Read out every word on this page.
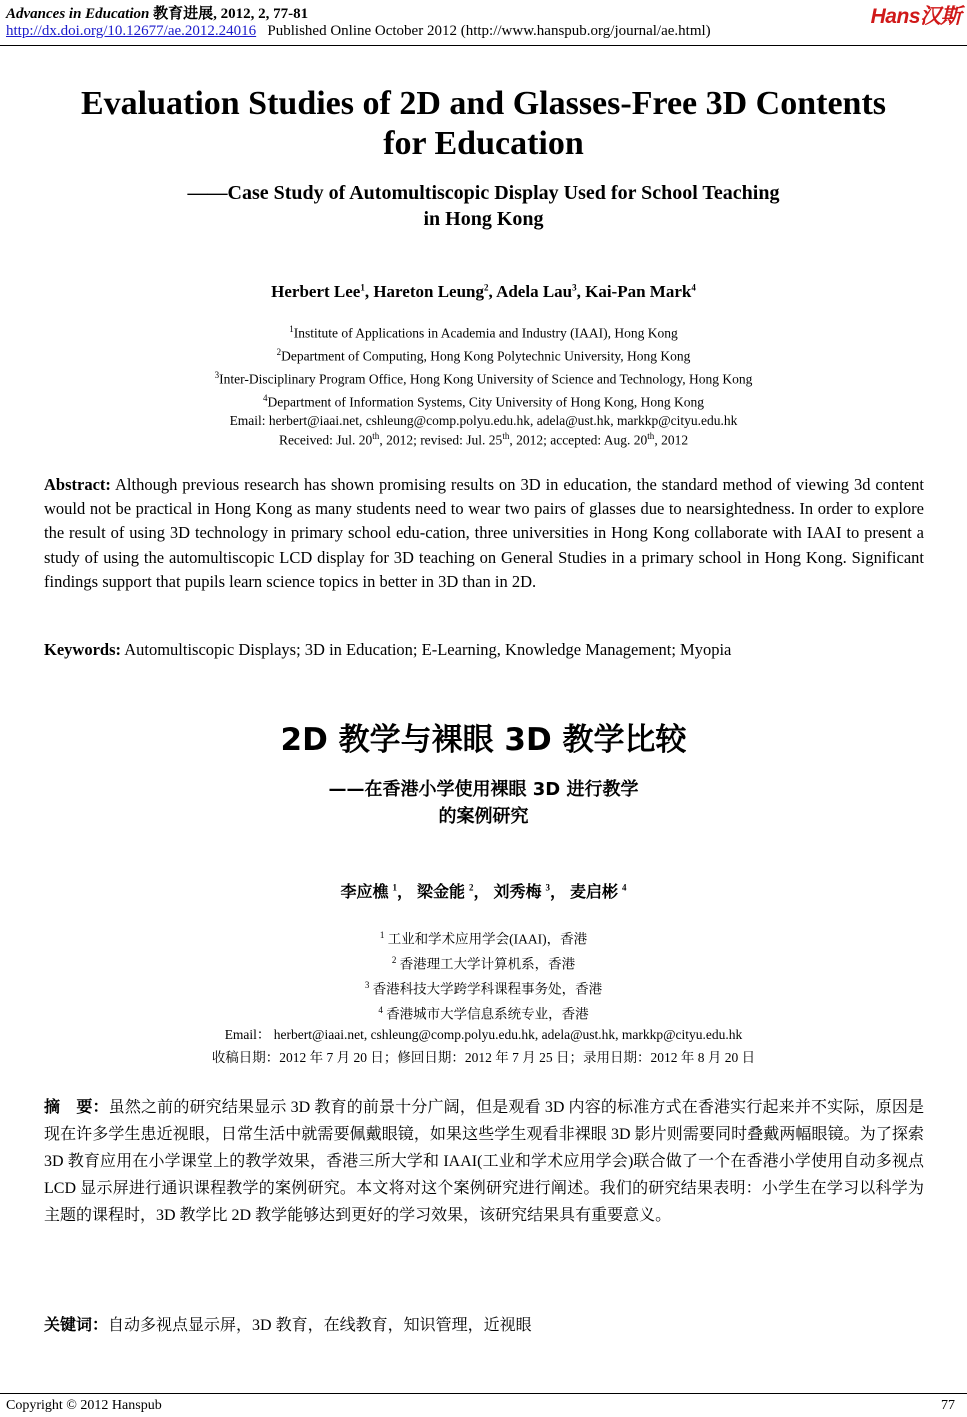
Advances in Education 教育进展, 2012, 2, 77-81	Hans汉斯
http://dx.doi.org/10.12677/ae.2012.24016 Published Online October 2012 (http://www.hanspub.org/journal/ae.html)
Evaluation Studies of 2D and Glasses-Free 3D Contents
for Education
——Case Study of Automultiscopic Display Used for School Teaching
in Hong Kong
Herbert Lee$^1$, Hareton Leung$^2$, Adela Lau$^3$, Kai-Pan Mark$^4$
$^1$Institute of Applications in Academia and Industry (IAAI), Hong Kong
$^2$Department of Computing, Hong Kong Polytechnic University, Hong Kong
$^3$Inter-Disciplinary Program Office, Hong Kong University of Science and Technology, Hong Kong
$^4$Department of Information Systems, City University of Hong Kong, Hong Kong
Email: herbert@iaai.net, cshleung@comp.polyu.edu.hk, adela@ust.hk, markkp@cityu.edu.hk
Received: Jul. 20th, 2012; revised: Jul. 25th, 2012; accepted: Aug. 20th, 2012
Abstract: Although previous research has shown promising results on 3D in education, the standard method of viewing 3d content would not be practical in Hong Kong as many students need to wear two pairs of glasses due to nearsightedness. In order to explore the result of using 3D technology in primary school edu-cation, three universities in Hong Kong collaborate with IAAI to present a study of using the automultiscopic LCD display for 3D teaching on General Studies in a primary school in Hong Kong. Significant findings support that pupils learn science topics in better in 3D than in 2D.
Keywords: Automultiscopic Displays; 3D in Education; E-Learning, Knowledge Management; Myopia
2D 教学与裸眼 3D 教学比较
——在香港小学使用裸眼 3D 进行教学
的案例研究
李应樵 $^1$， 梁金能 $^2$， 刘秀梅 $^3$， 麦启彬 $^4$
$^1$ 工业和学术应用学会(IAAI)，香港
$^2$ 香港理工大学计算机系，香港
$^3$ 香港科技大学跨学科课程事务处，香港
$^4$ 香港城市大学信息系统专业，香港
Email： herbert@iaai.net, cshleung@comp.polyu.edu.hk, adela@ust.hk, markkp@cityu.edu.hk
收稿日期：2012 年 7 月 20 日；修回日期：2012 年 7 月 25 日；录用日期：2012 年 8 月 20 日
摘　要：虽然之前的研究结果显示 3D 教育的前景十分广阔，但是观看 3D 内容的标准方式在香港实行起来并不实际，原因是现在许多学生患近视眼，日常生活中就需要佩戴眼镜，如果这些学生观看非裸眼 3D 影片则需要同时叠戴两幅眼镜。为了探索 3D 教育应用在小学课堂上的教学效果，香港三所大学和 IAAI(工业和学术应用学会)联合做了一个在香港小学使用自动多视点 LCD 显示屏进行通识课程教学的案例研究。本文将对这个案例研究进行阐述。我们的研究结果表明：小学生在学习以科学为主题的课程时，3D 教学比 2D 教学能够达到更好的学习效果，该研究结果具有重要意义。
关键词：自动多视点显示屏，3D 教育，在线教育，知识管理，近视眼
Copyright © 2012 Hanspub	77
